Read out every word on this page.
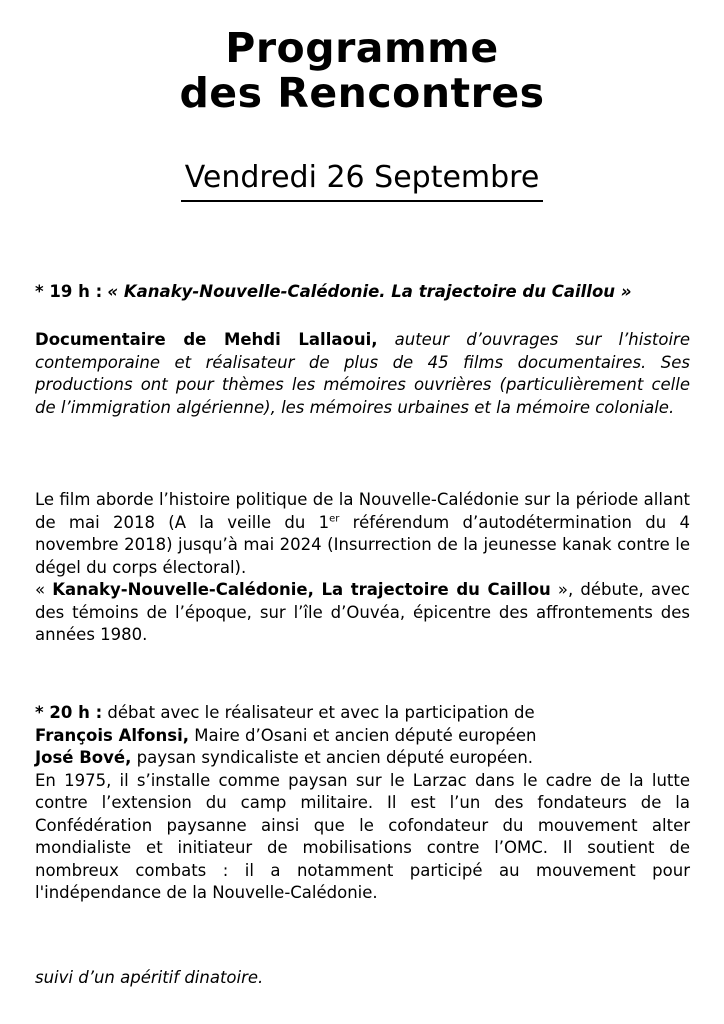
Programme
des Rencontres
Vendredi 26 Septembre

* 19 h : « Kanaky-Nouvelle-Calédonie. La trajectoire du Caillou »

Documentaire de Mehdi Lallaoui, auteur d’ouvrages sur l’histoire contemporaine et réalisateur de plus de 45 films documentaires. Ses productions ont pour thèmes les mémoires ouvrières (particulièrement celle de l’immigration algérienne), les mémoires urbaines et la mémoire coloniale.

Le film aborde l’histoire politique de la Nouvelle-Calédonie sur la période allant de mai 2018 (A la veille du 1er référendum d’autodétermination du 4 novembre 2018) jusqu’à mai 2024 (Insurrection de la jeunesse kanak contre le dégel du corps électoral).

« Kanaky-Nouvelle-Calédonie, La trajectoire du Caillou », débute, avec des témoins de l’époque, sur l’île d’Ouvéa, épicentre des affrontements des années 1980.

* 20 h : débat avec le réalisateur et avec la participation de

François Alfonsi, Maire d’Osani et ancien député européen

José Bové, paysan syndicaliste et ancien député européen.

En 1975, il s’installe comme paysan sur le Larzac dans le cadre de la lutte contre l’extension du camp militaire. Il est l’un des fondateurs de la Confédération paysanne ainsi que le cofondateur du mouvement alter mondialiste et initiateur de mobilisations contre l’OMC. Il soutient de nombreux combats : il a notamment participé au mouvement pour l'indépendance de la Nouvelle-Calédonie.

suivi d’un apéritif dinatoire.
